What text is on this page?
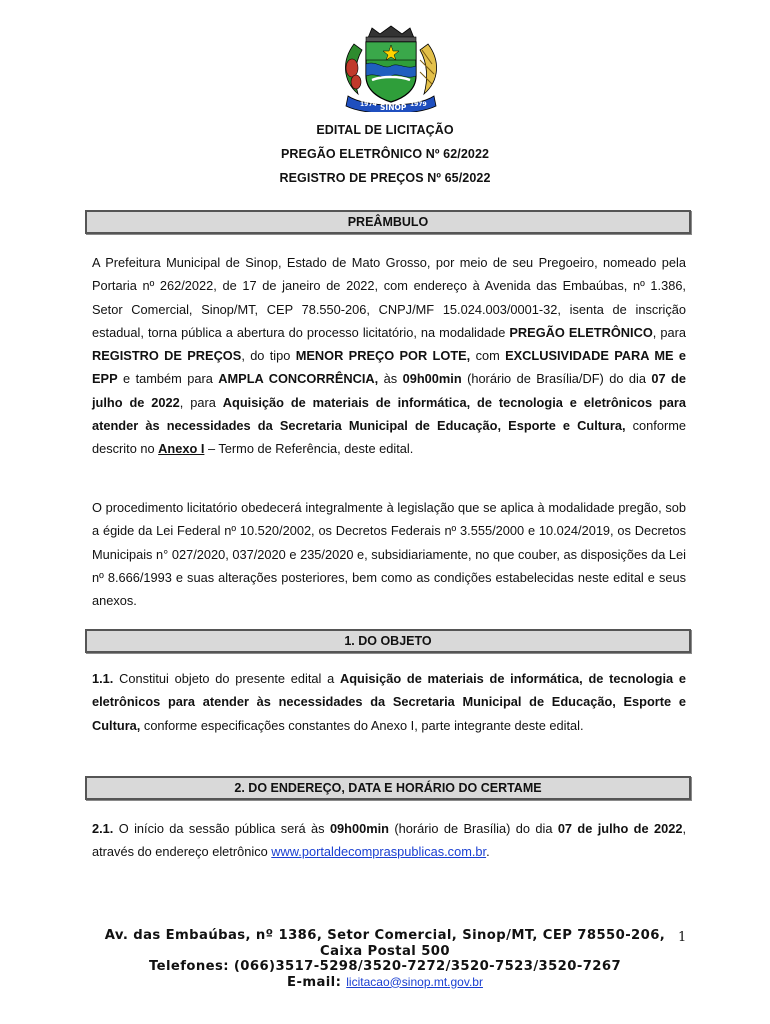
1974 SINOP 1979
EDITAL DE LICITAÇÃO
PREGÃO ELETRÔNICO Nº 62/2022
REGISTRO DE PREÇOS Nº 65/2022
PREÂMBULO
A Prefeitura Municipal de Sinop, Estado de Mato Grosso, por meio de seu Pregoeiro, nomeado pela Portaria nº 262/2022, de 17 de janeiro de 2022, com endereço à Avenida das Embaúbas, nº 1.386, Setor Comercial, Sinop/MT, CEP 78.550-206, CNPJ/MF 15.024.003/0001-32, isenta de inscrição estadual, torna pública a abertura do processo licitatório, na modalidade PREGÃO ELETRÔNICO, para REGISTRO DE PREÇOS, do tipo MENOR PREÇO POR LOTE, com EXCLUSIVIDADE PARA ME e EPP e também para AMPLA CONCORRÊNCIA, às 09h00min (horário de Brasília/DF) do dia 07 de julho de 2022, para Aquisição de materiais de informática, de tecnologia e eletrônicos para atender às necessidades da Secretaria Municipal de Educação, Esporte e Cultura, conforme descrito no Anexo I – Termo de Referência, deste edital.
O procedimento licitatório obedecerá integralmente à legislação que se aplica à modalidade pregão, sob a égide da Lei Federal nº 10.520/2002, os Decretos Federais nº 3.555/2000 e 10.024/2019, os Decretos Municipais n° 027/2020, 037/2020 e 235/2020 e, subsidiariamente, no que couber, as disposições da Lei nº 8.666/1993 e suas alterações posteriores, bem como as condições estabelecidas neste edital e seus anexos.
1. DO OBJETO
1.1. Constitui objeto do presente edital a Aquisição de materiais de informática, de tecnologia e eletrônicos para atender às necessidades da Secretaria Municipal de Educação, Esporte e Cultura, conforme especificações constantes do Anexo I, parte integrante deste edital.
2. DO ENDEREÇO, DATA E HORÁRIO DO CERTAME
2.1. O início da sessão pública será às 09h00min (horário de Brasília) do dia 07 de julho de 2022, através do endereço eletrônico www.portaldecompraspublicas.com.br.
Av. das Embaúbas, nº 1386, Setor Comercial, Sinop/MT, CEP 78550-206,
Caixa Postal 500
Telefones: (066)3517-5298/3520-7272/3520-7523/3520-7267
E-mail: licitacao@sinop.mt.gov.br
1
